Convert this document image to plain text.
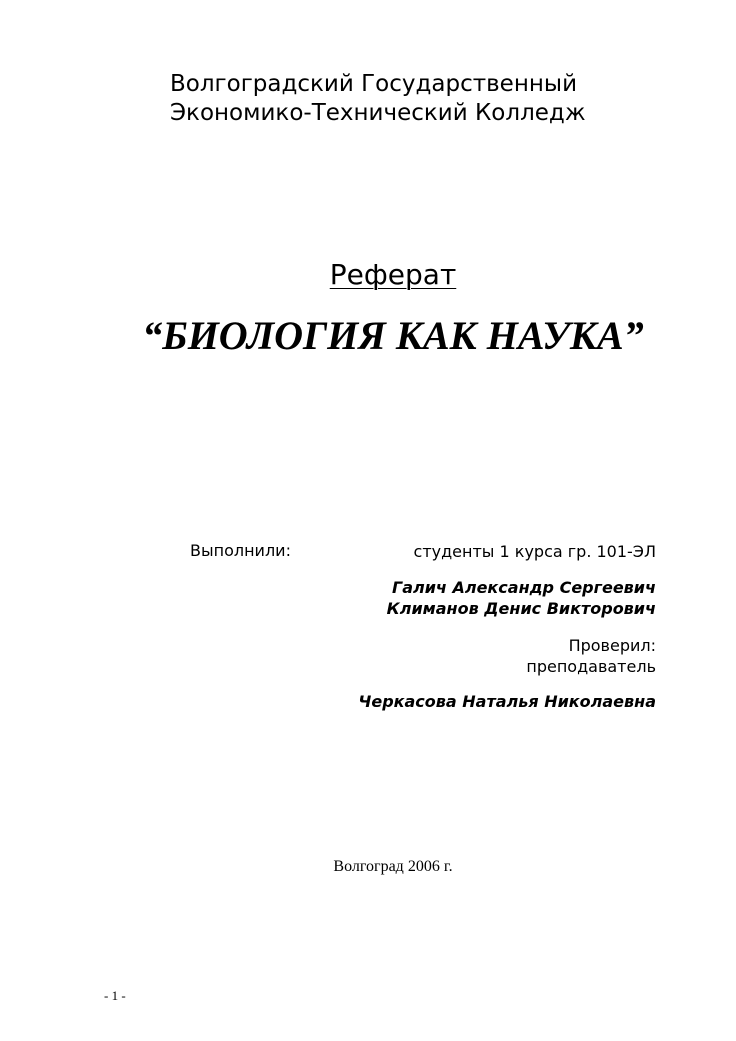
Волгоградский Государственный
Экономико-Технический Колледж
Реферат
“БИОЛОГИЯ КАК НАУКА”
Выполнили:	студенты 1 курса гр. 101-ЭЛ
Галич Александр Сергеевич
Климанов Денис Викторович
Проверил:
преподаватель
Черкасова Наталья Николаевна
Волгоград 2006 г.
- 1 -
